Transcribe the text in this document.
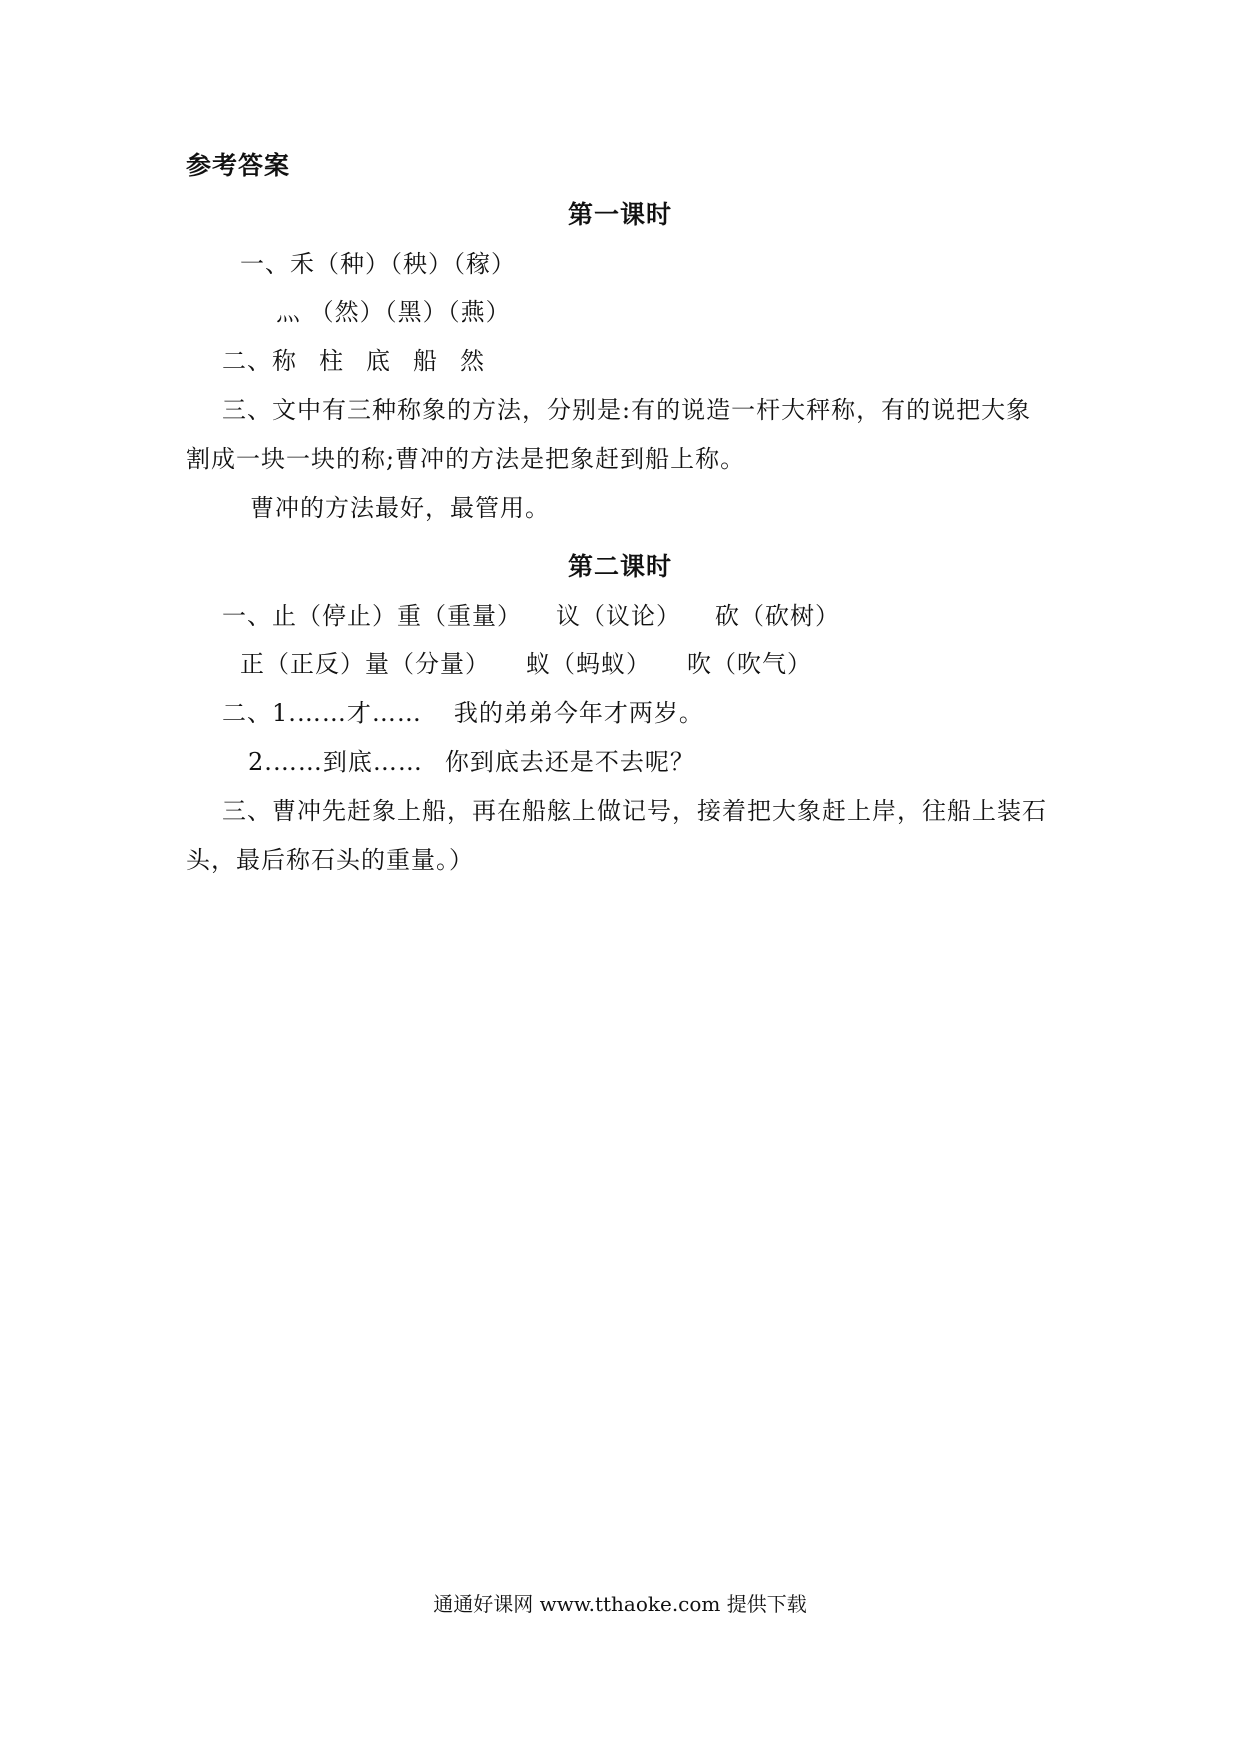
参考答案
第一课时
一、禾（种）（秧）（稼）
灬 （然）（黑）（燕）
二、称 柱 底 船 然
三、文中有三种称象的方法，分别是:有的说造一杆大秤称，有的说把大象
割成一块一块的称;曹冲的方法是把象赶到船上称。
曹冲的方法最好，最管用。
第二课时
一、止（停止）重（重量） 议（议论） 砍（砍树）
正（正反）量（分量） 蚁（蚂蚁） 吹（吹气）
二、1.……才…… 我的弟弟今年才两岁。
2.……到底…… 你到底去还是不去呢？
三、曹冲先赶象上船，再在船舷上做记号，接着把大象赶上岸，往船上装石
头，最后称石头的重量。）
通通好课网 www.tthaoke.com 提供下载
